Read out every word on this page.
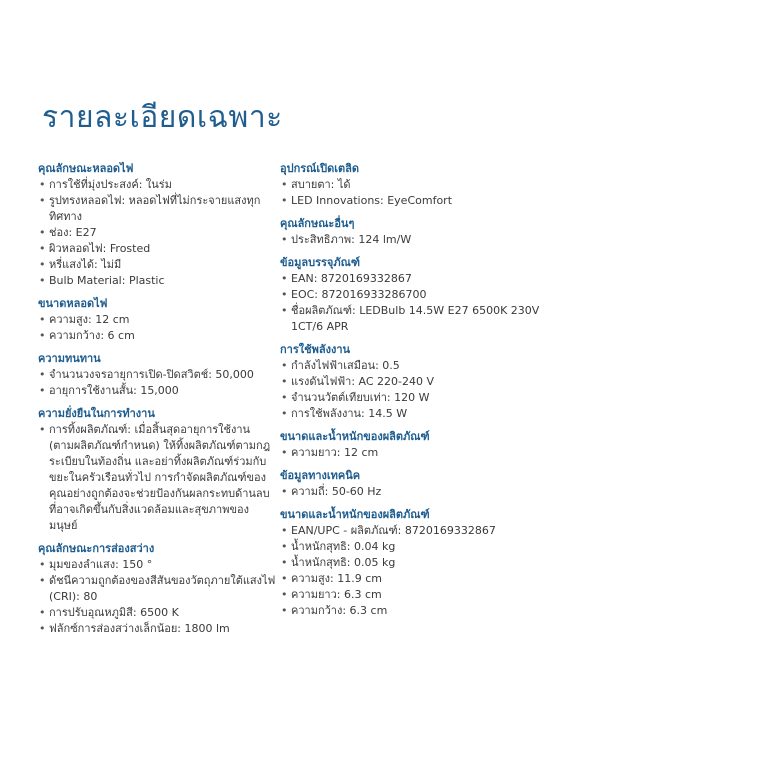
รายละเอียดเฉพาะ
คุณลักษณะหลอดไฟ
• การใช้ที่มุ่งประสงค์: ในร่ม
• รูปทรงหลอดไฟ: หลอดไฟที่ไม่กระจายแสงทุกทิศทาง
• ช่อง: E27
• ผิวหลอดไฟ: Frosted
• หรี่แสงได้: ไม่มี
• Bulb Material: Plastic
ขนาดหลอดไฟ
• ความสูง: 12 cm
• ความกว้าง: 6 cm
ความทนทาน
• จำนวนวงจรอายุการเปิด-ปิดสวิตช์: 50,000
• อายุการใช้งานสั้น: 15,000
ความยั่งยืนในการทำงาน
• การทิ้งผลิตภัณฑ์: เมื่อสิ้นสุดอายุการใช้งาน (ตามผลิตภัณฑ์กำหนด) ให้ทิ้งผลิตภัณฑ์ตามกฎระเบียบในท้องถิ่น และอย่าทิ้งผลิตภัณฑ์ร่วมกับขยะในครัวเรือนทั่วไป การกำจัดผลิตภัณฑ์ของคุณอย่างถูกต้องจะช่วยป้องกันผลกระทบด้านลบที่อาจเกิดขึ้นกับสิ่งแวดล้อมและสุขภาพของมนุษย์
คุณลักษณะการส่องสว่าง
• มุมของลำแสง: 150 °
• ดัชนีความถูกต้องของสีสันของวัตถุภายใต้แสงไฟ (CRI): 80
• การปรับอุณหภูมิสี: 6500 K
• ฟลักซ์การส่องสว่างเล็กน้อย: 1800 lm
อุปกรณ์เปิดเตลิด
• สบายตา: ได้
• LED Innovations: EyeComfort
คุณลักษณะอื่นๆ
• ประสิทธิภาพ: 124 lm/W
ข้อมูลบรรจุภัณฑ์
• EAN: 8720169332867
• EOC: 872016933286700
• ชื่อผลิตภัณฑ์: LEDBulb 14.5W E27 6500K 230V 1CT/6 APR
การใช้พลังงาน
• กำลังไฟฟ้าเสมือน: 0.5
• แรงดันไฟฟ้า: AC 220-240 V
• จำนวนวัตต์เทียบเท่า: 120 W
• การใช้พลังงาน: 14.5 W
ขนาดและน้ำหนักของผลิตภัณฑ์
• ความยาว: 12 cm
ข้อมูลทางเทคนิค
• ความถี่: 50-60 Hz
ขนาดและน้ำหนักของผลิตภัณฑ์
• EAN/UPC - ผลิตภัณฑ์: 8720169332867
• น้ำหนักสุทธิ: 0.04 kg
• น้ำหนักสุทธิ: 0.05 kg
• ความสูง: 11.9 cm
• ความยาว: 6.3 cm
• ความกว้าง: 6.3 cm
